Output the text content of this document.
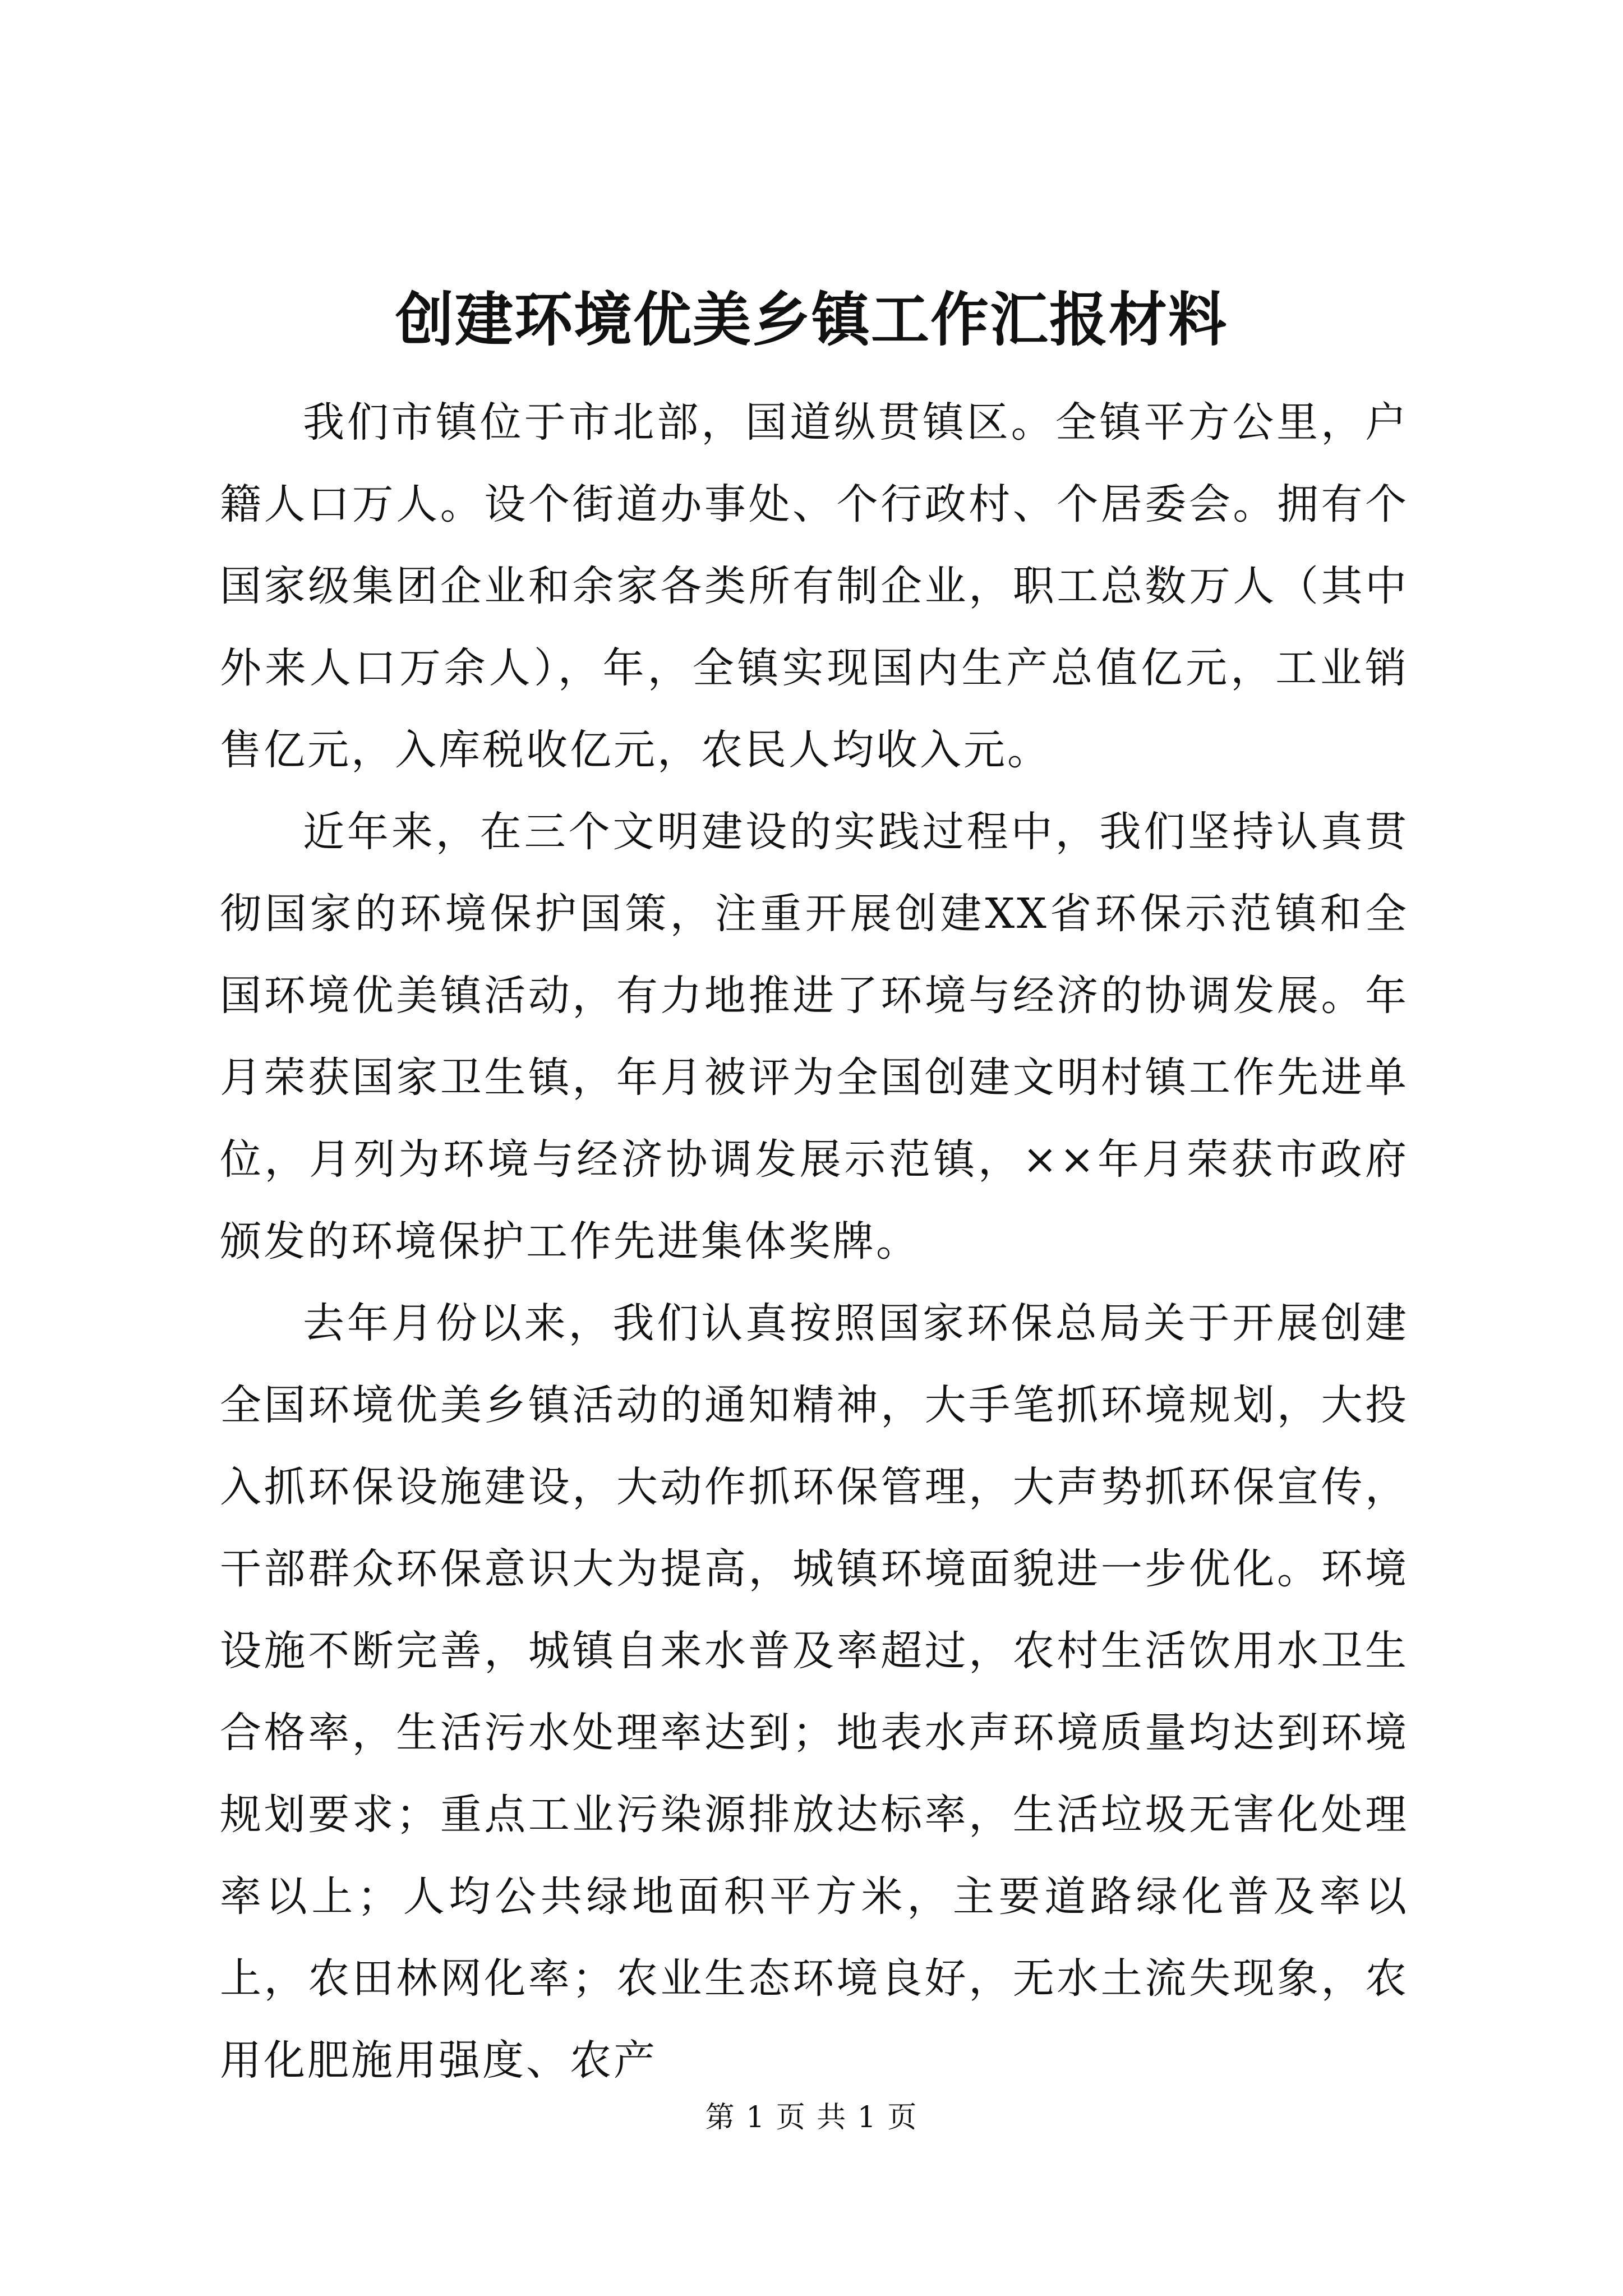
创建环境优美乡镇工作汇报材料

我们市镇位于市北部，国道纵贯镇区。全镇平方公里，户籍人口万人。设个街道办事处、个行政村、个居委会。拥有个国家级集团企业和余家各类所有制企业，职工总数万人（其中外来人口万余人），年，全镇实现国内生产总值亿元，工业销售亿元，入库税收亿元，农民人均收入元。

近年来，在三个文明建设的实践过程中，我们坚持认真贯彻国家的环境保护国策，注重开展创建XX省环保示范镇和全国环境优美镇活动，有力地推进了环境与经济的协调发展。年月荣获国家卫生镇，年月被评为全国创建文明村镇工作先进单位，月列为环境与经济协调发展示范镇，××年月荣获市政府颁发的环境保护工作先进集体奖牌。

去年月份以来，我们认真按照国家环保总局关于开展创建全国环境优美乡镇活动的通知精神，大手笔抓环境规划，大投入抓环保设施建设，大动作抓环保管理，大声势抓环保宣传，干部群众环保意识大为提高，城镇环境面貌进一步优化。环境设施不断完善，城镇自来水普及率超过，农村生活饮用水卫生合格率，生活污水处理率达到；地表水声环境质量均达到环境规划要求；重点工业污染源排放达标率，生活垃圾无害化处理率以上；人均公共绿地面积平方米，主要道路绿化普及率以上，农田林网化率；农业生态环境良好，无水土流失现象，农用化肥施用强度、农产

第 1 页 共 1 页
